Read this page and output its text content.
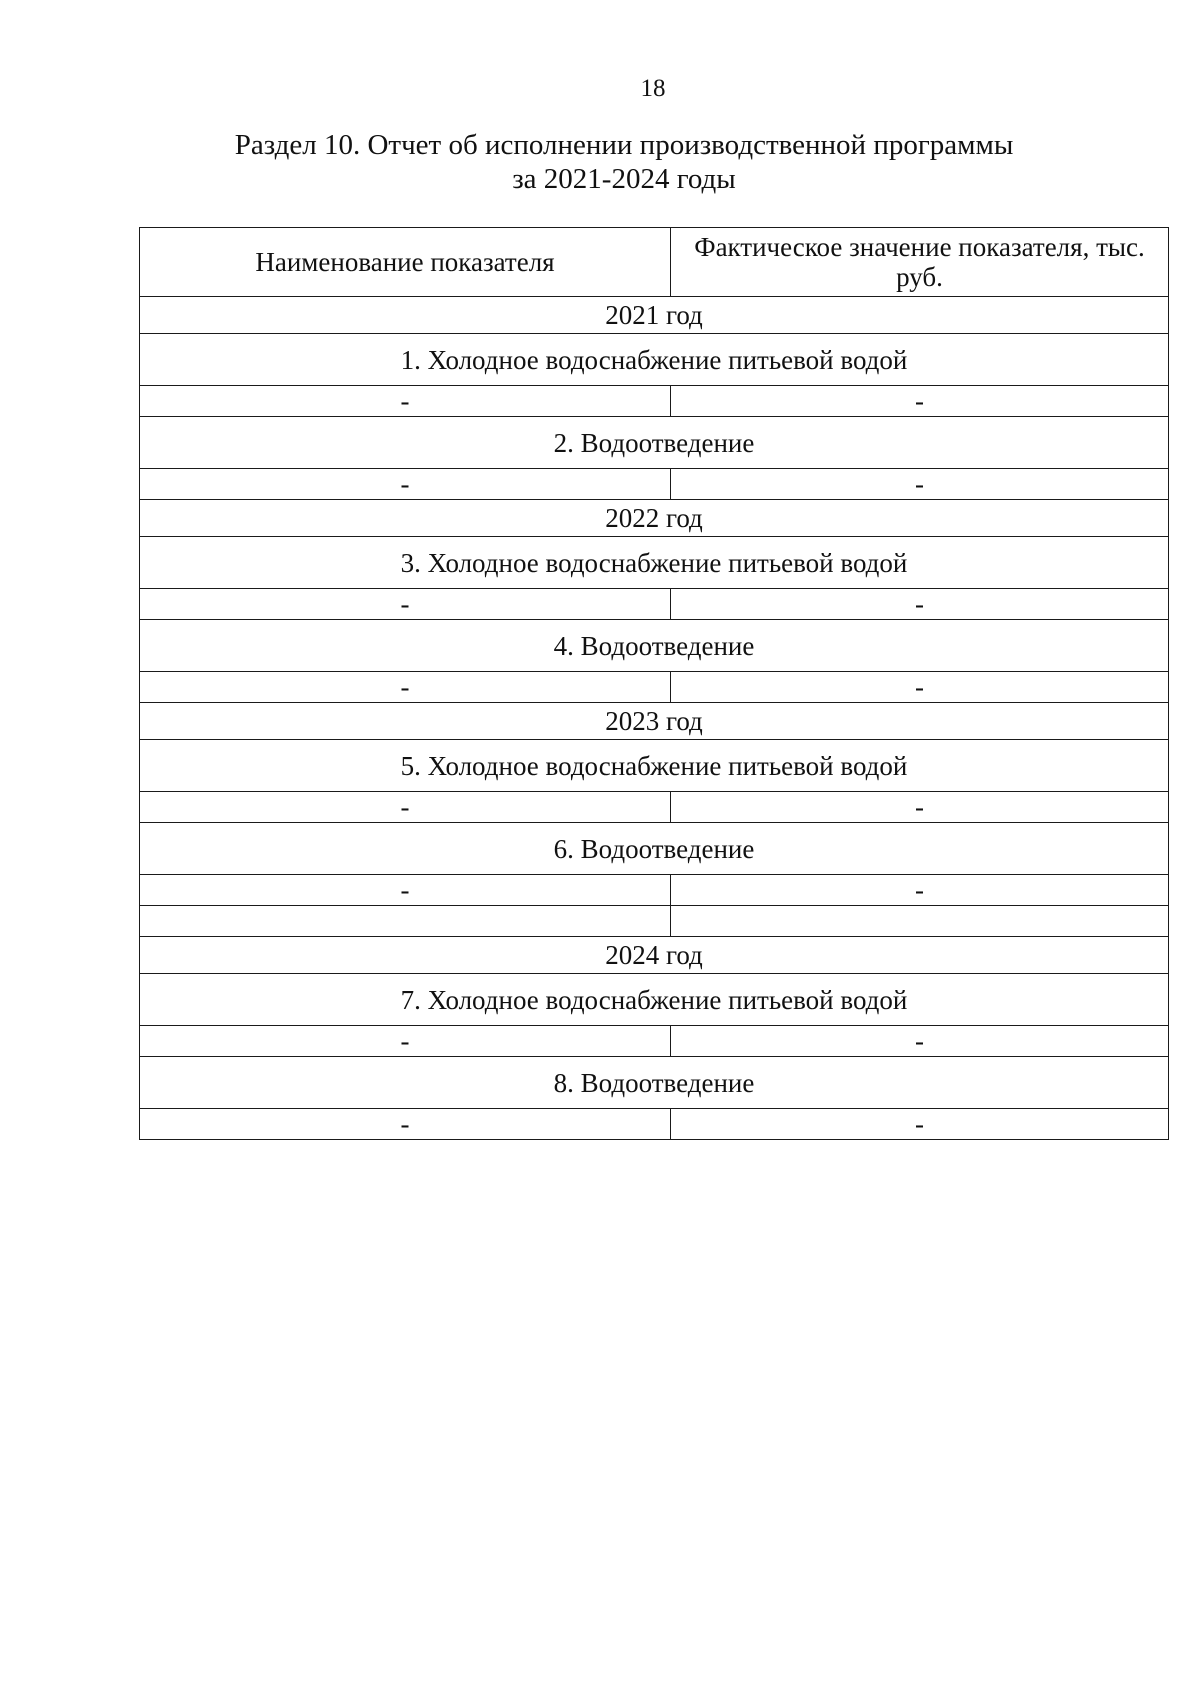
18
Раздел 10. Отчет об исполнении производственной программы
за 2021-2024 годы
Наименование показателя	Фактическое значение показателя, тыс. руб.
2021 год	
1. Холодное водоснабжение питьевой водой	
-	-
2. Водоотведение	
-	-
2022 год	
3. Холодное водоснабжение питьевой водой	
-	-
4. Водоотведение	
-	-
2023 год	
5. Холодное водоснабжение питьевой водой	
-	-
6. Водоотведение	
-	-

2024 год	
7. Холодное водоснабжение питьевой водой	
-	-
8. Водоотведение	
-	-
